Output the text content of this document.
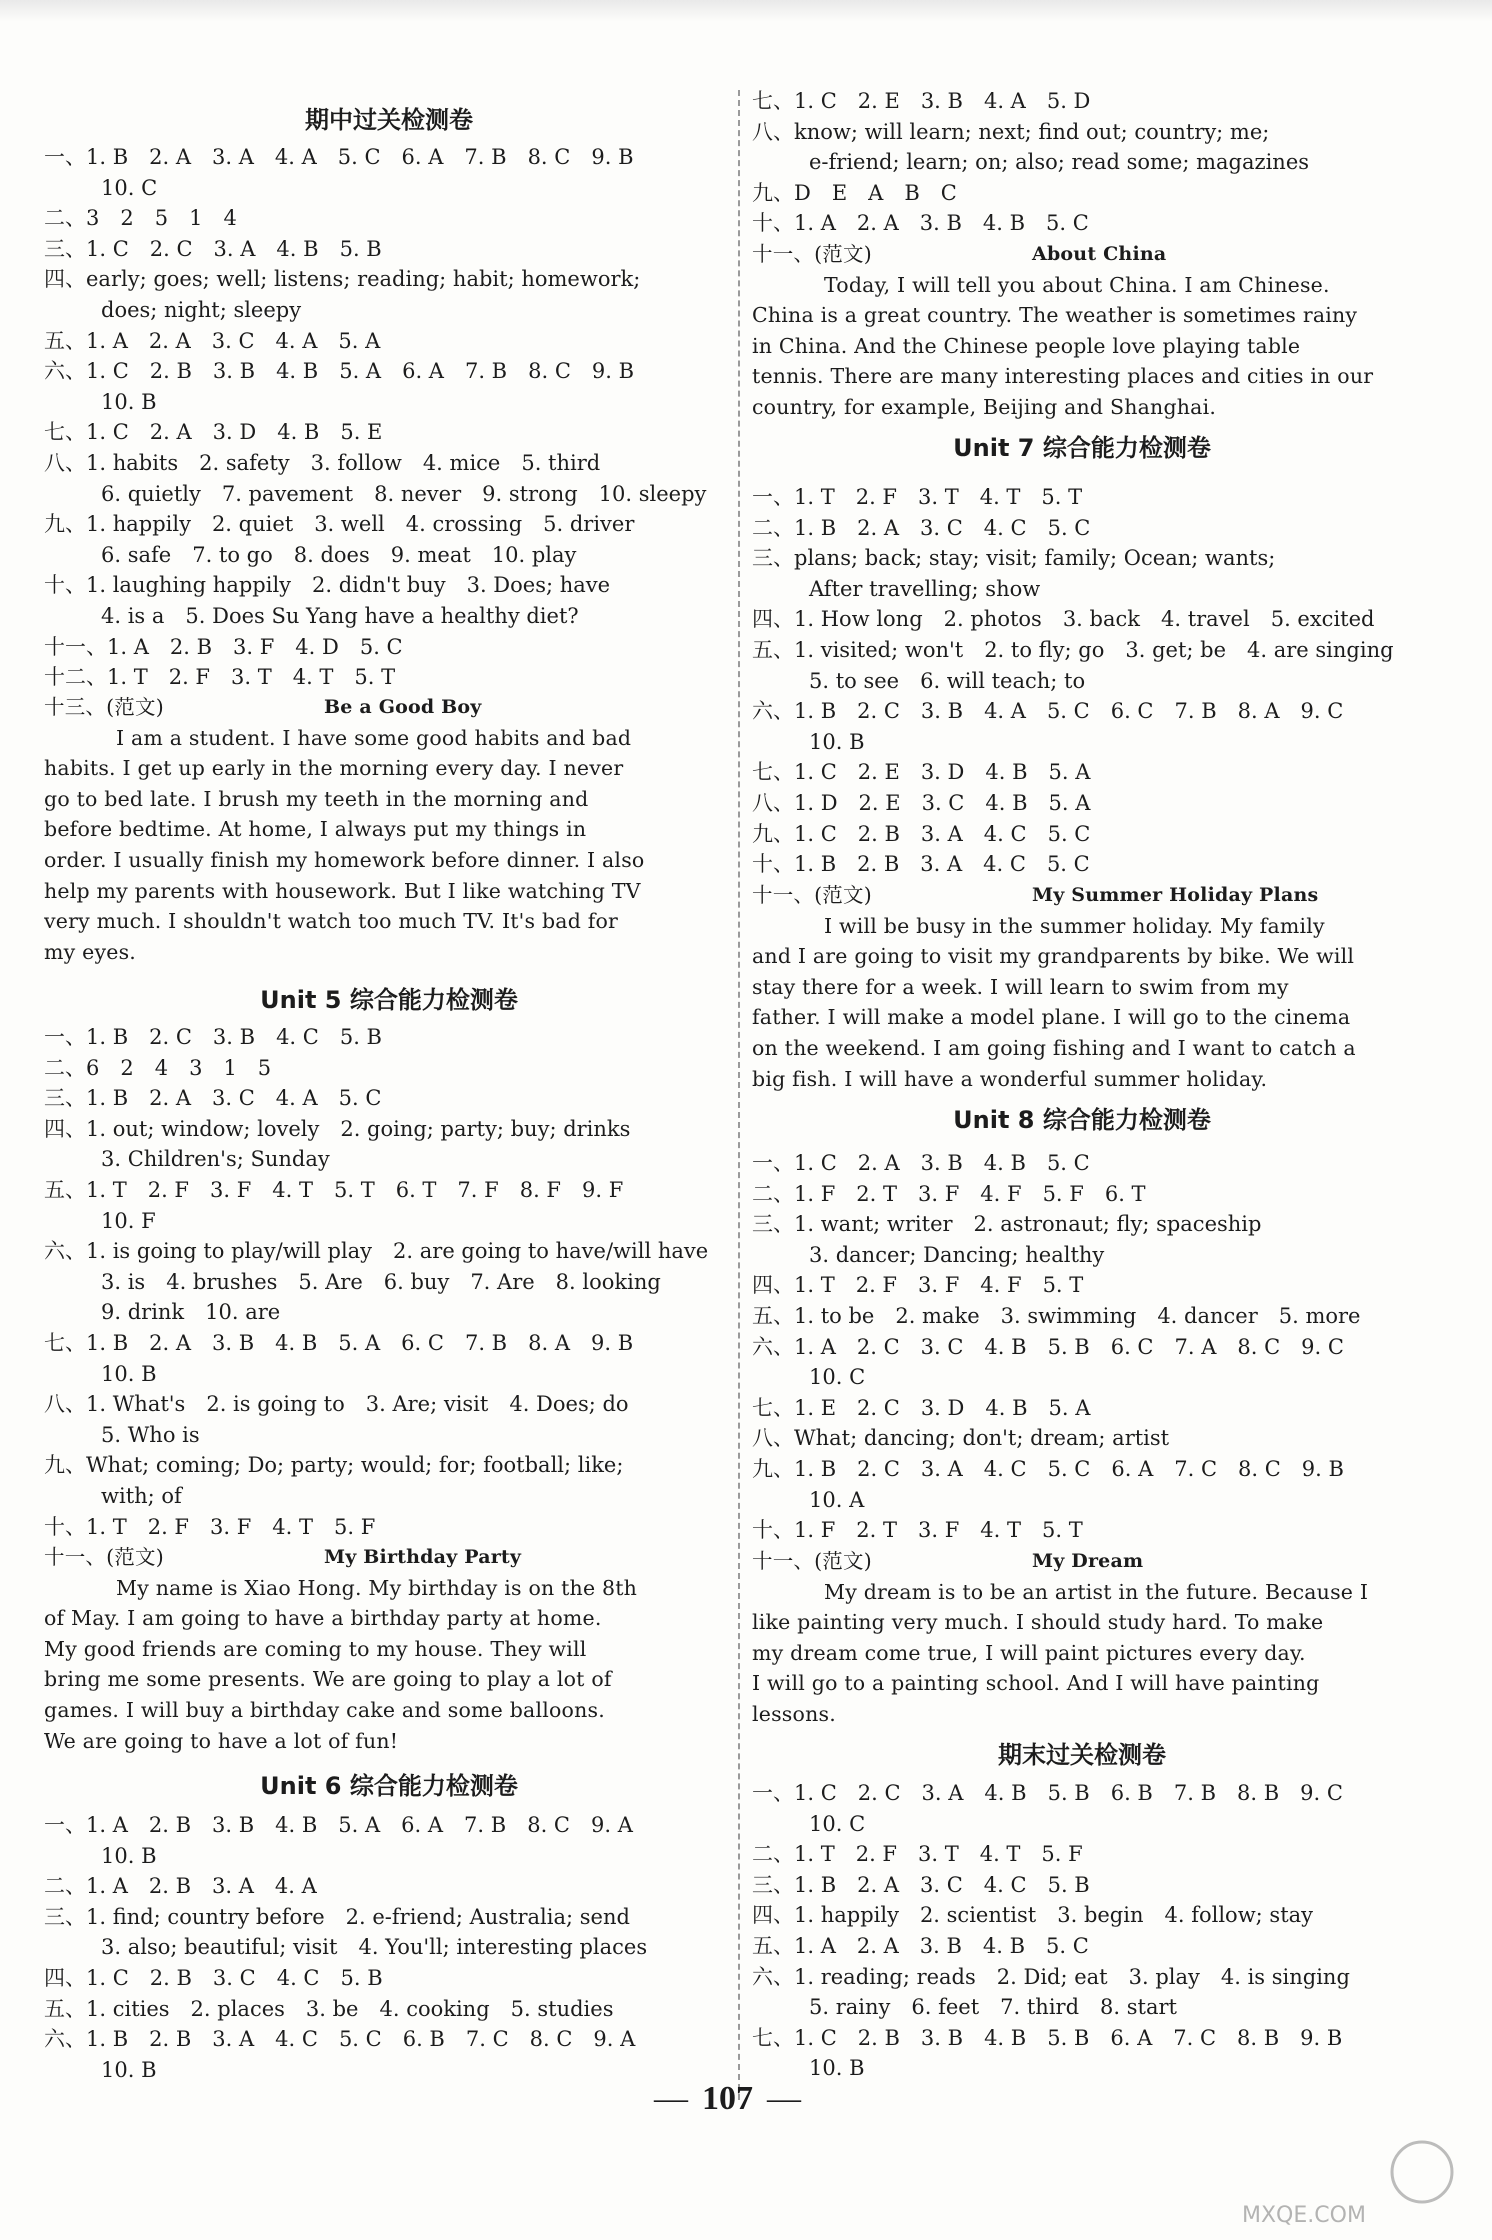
期中过关检测卷
一、1. B　2. A　3. A　4. A　5. C　6. A　7. B　8. C　9. B
　10. C
二、3　2　5　1　4
三、1. C　2. C　3. A　4. B　5. B
四、early; goes; well; listens; reading; habit; homework;
　does; night; sleepy
五、1. A　2. A　3. C　4. A　5. A
六、1. C　2. B　3. B　4. B　5. A　6. A　7. B　8. C　9. B
　10. B
七、1. C　2. A　3. D　4. B　5. E
八、1. habits　2. safety　3. follow　4. mice　5. third
　6. quietly　7. pavement　8. never　9. strong　10. sleepy
九、1. happily　2. quiet　3. well　4. crossing　5. driver
　6. safe　7. to go　8. does　9. meat　10. play
十、1. laughing happily　2. didn't buy　3. Does; have
　4. is a　5. Does Su Yang have a healthy diet?
十一、1. A　2. B　3. F　4. D　5. C
十二、1. T　2. F　3. T　4. T　5. T
十三、(范文)	Be a Good Boy
I am a student. I have some good habits and bad
habits. I get up early in the morning every day. I never
go to bed late. I brush my teeth in the morning and
before bedtime. At home, I always put my things in
order. I usually finish my homework before dinner. I also
help my parents with housework. But I like watching TV
very much. I shouldn't watch too much TV. It's bad for
my eyes.
Unit 5 综合能力检测卷
一、1. B　2. C　3. B　4. C　5. B
二、6　2　4　3　1　5
三、1. B　2. A　3. C　4. A　5. C
四、1. out; window; lovely　2. going; party; buy; drinks
　3. Children's; Sunday
五、1. T　2. F　3. F　4. T　5. T　6. T　7. F　8. F　9. F
　10. F
六、1. is going to play/will play　2. are going to have/will have
　3. is　4. brushes　5. Are　6. buy　7. Are　8. looking
　9. drink　10. are
七、1. B　2. A　3. B　4. B　5. A　6. C　7. B　8. A　9. B
　10. B
八、1. What's　2. is going to　3. Are; visit　4. Does; do
　5. Who is
九、What; coming; Do; party; would; for; football; like;
　with; of
十、1. T　2. F　3. F　4. T　5. F
十一、(范文)	My Birthday Party
My name is Xiao Hong. My birthday is on the 8th
of May. I am going to have a birthday party at home.
My good friends are coming to my house. They will
bring me some presents. We are going to play a lot of
games. I will buy a birthday cake and some balloons.
We are going to have a lot of fun!
Unit 6 综合能力检测卷
一、1. A　2. B　3. B　4. B　5. A　6. A　7. B　8. C　9. A
　10. B
二、1. A　2. B　3. A　4. A
三、1. find; country before　2. e-friend; Australia; send
　3. also; beautiful; visit　4. You'll; interesting places
四、1. C　2. B　3. C　4. C　5. B
五、1. cities　2. places　3. be　4. cooking　5. studies
六、1. B　2. B　3. A　4. C　5. C　6. B　7. C　8. C　9. A
　10. B
七、1. C　2. E　3. B　4. A　5. D
八、know; will learn; next; find out; country; me;
　e-friend; learn; on; also; read some; magazines
九、D　E　A　B　C
十、1. A　2. A　3. B　4. B　5. C
十一、(范文)	About China
Today, I will tell you about China. I am Chinese.
China is a great country. The weather is sometimes rainy
in China. And the Chinese people love playing table
tennis. There are many interesting places and cities in our
country, for example, Beijing and Shanghai.
Unit 7 综合能力检测卷
一、1. T　2. F　3. T　4. T　5. T
二、1. B　2. A　3. C　4. C　5. C
三、plans; back; stay; visit; family; Ocean; wants;
　After travelling; show
四、1. How long　2. photos　3. back　4. travel　5. excited
五、1. visited; won't　2. to fly; go　3. get; be　4. are singing
　5. to see　6. will teach; to
六、1. B　2. C　3. B　4. A　5. C　6. C　7. B　8. A　9. C
　10. B
七、1. C　2. E　3. D　4. B　5. A
八、1. D　2. E　3. C　4. B　5. A
九、1. C　2. B　3. A　4. C　5. C
十、1. B　2. B　3. A　4. C　5. C
十一、(范文)	My Summer Holiday Plans
I will be busy in the summer holiday. My family
and I are going to visit my grandparents by bike. We will
stay there for a week. I will learn to swim from my
father. I will make a model plane. I will go to the cinema
on the weekend. I am going fishing and I want to catch a
big fish. I will have a wonderful summer holiday.
Unit 8 综合能力检测卷
一、1. C　2. A　3. B　4. B　5. C
二、1. F　2. T　3. F　4. F　5. F　6. T
三、1. want; writer　2. astronaut; fly; spaceship
　3. dancer; Dancing; healthy
四、1. T　2. F　3. F　4. F　5. T
五、1. to be　2. make　3. swimming　4. dancer　5. more
六、1. A　2. C　3. C　4. B　5. B　6. C　7. A　8. C　9. C
　10. C
七、1. E　2. C　3. D　4. B　5. A
八、What; dancing; don't; dream; artist
九、1. B　2. C　3. A　4. C　5. C　6. A　7. C　8. C　9. B
　10. A
十、1. F　2. T　3. F　4. T　5. T
十一、(范文)	My Dream
My dream is to be an artist in the future. Because I
like painting very much. I should study hard. To make
my dream come true, I will paint pictures every day.
I will go to a painting school. And I will have painting
lessons.
期末过关检测卷
一、1. C　2. C　3. A　4. B　5. B　6. B　7. B　8. B　9. C
　10. C
二、1. T　2. F　3. T　4. T　5. F
三、1. B　2. A　3. C　4. C　5. B
四、1. happily　2. scientist　3. begin　4. follow; stay
五、1. A　2. A　3. B　4. B　5. C
六、1. reading; reads　2. Did; eat　3. play　4. is singing
　5. rainy　6. feet　7. third　8. start
七、1. C　2. B　3. B　4. B　5. B　6. A　7. C　8. B　9. B
　10. B
— 107 —
MXQE.COM
